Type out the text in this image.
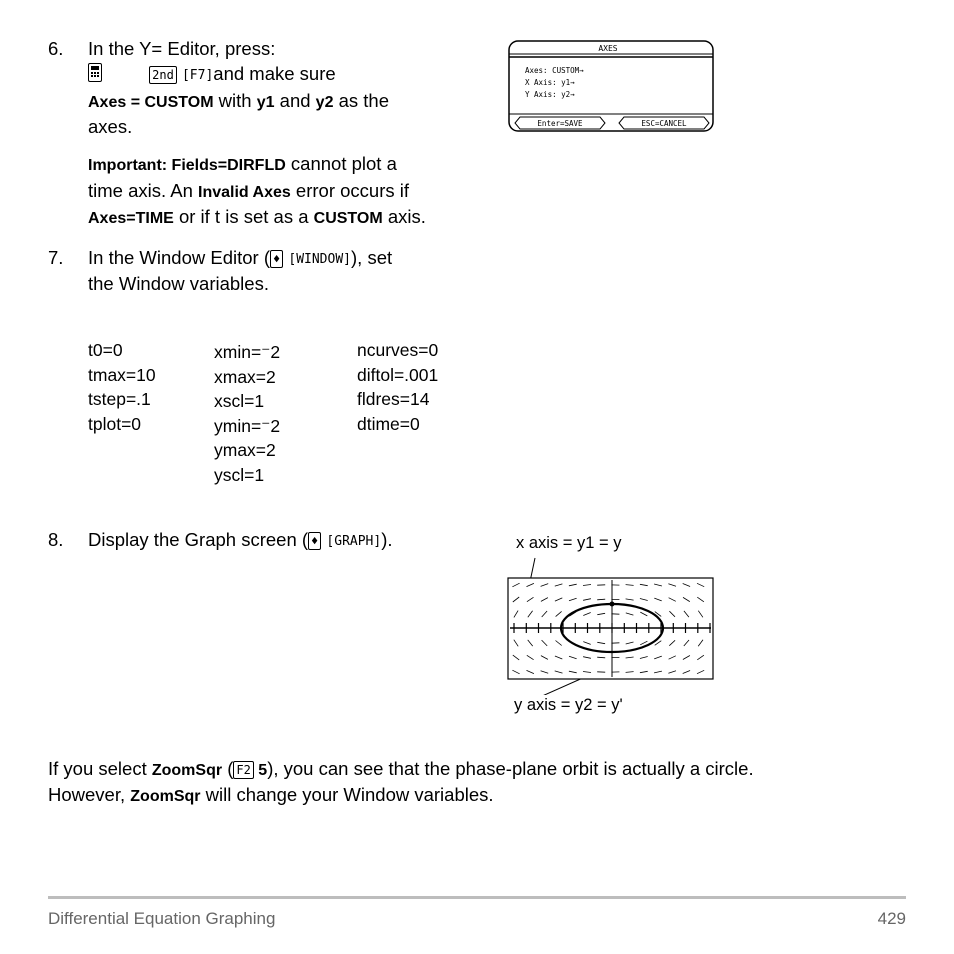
6. In the Y= Editor, press:
2nd [F7]and make sure
Axes = CUSTOM with y1 and y2 as the
axes.
Important: Fields=DIRFLD cannot plot a
time axis. An Invalid Axes error occurs if
Axes=TIME or if t is set as a CUSTOM axis.
7. In the Window Editor ( ♦ [WINDOW]), set
the Window variables.
t0=0
tmax=10
tstep=.1
tplot=0
xmin=⁻2
xmax=2
xscl=1
ymin=⁻2
ymax=2
yscl=1
ncurves=0
diftol=.001
fldres=14
dtime=0
8. Display the Graph screen ( ♦ [GRAPH]).
AXES
Axes: CUSTOM→
X Axis: y1→
Y Axis: y2→
Enter=SAVE	ESC=CANCEL
x axis = y1 = y
y axis = y2 = y'
If you select ZoomSqr ( F2 5), you can see that the phase-plane orbit is actually a circle.
However, ZoomSqr will change your Window variables.
Differential Equation Graphing	429
